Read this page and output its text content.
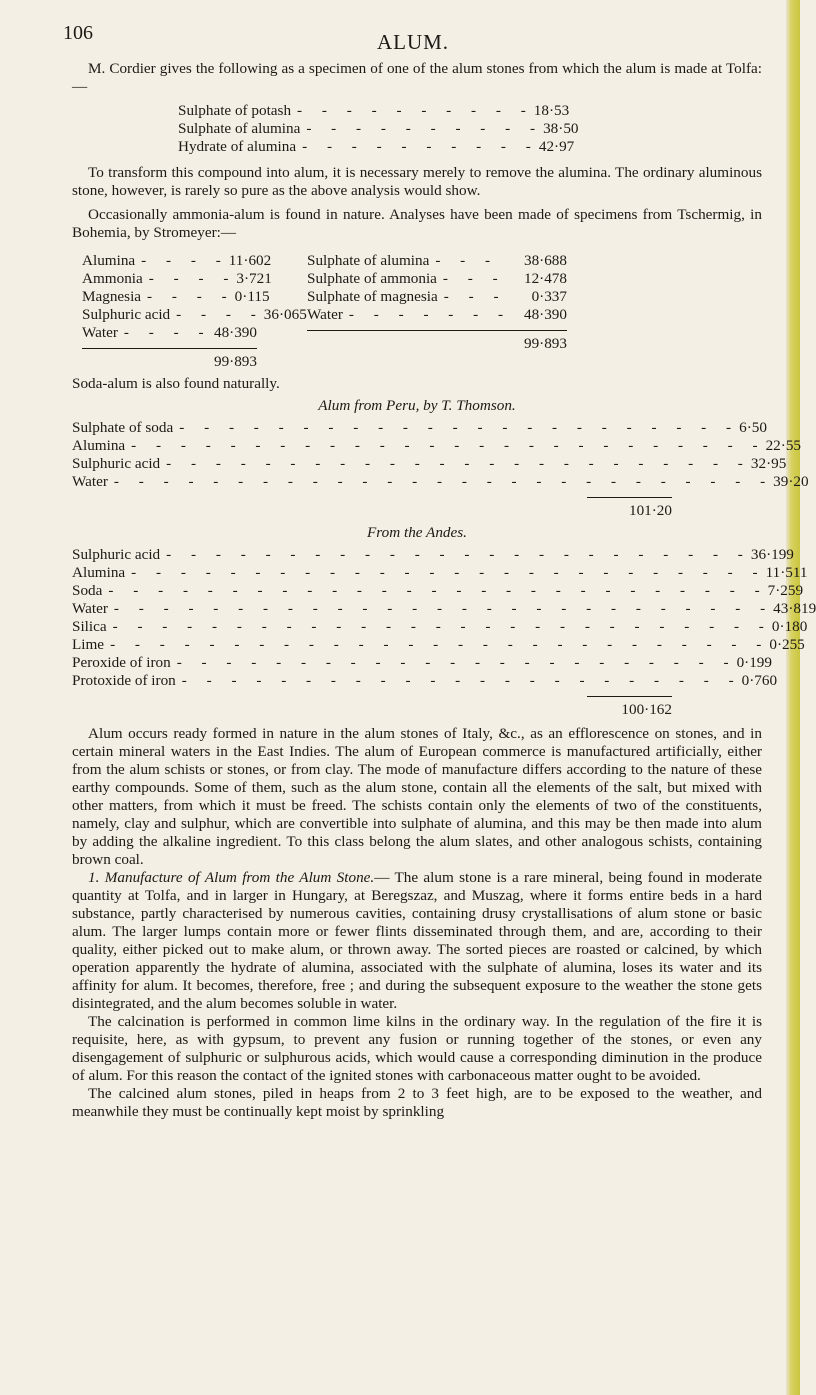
106	ALUM.

M. Cordier gives the following as a specimen of one of the alum stones from which the alum is made at Tolfa:—

Sulphate of potash - - - - - - - - - - 18·53
Sulphate of alumina - - - - - - - - - - 38·50
Hydrate of alumina - - - - - - - - - - 42·97

To transform this compound into alum, it is necessary merely to remove the alumina. The ordinary aluminous stone, however, is rarely so pure as the above analysis would show.

Occasionally ammonia-alum is found in nature. Analyses have been made of specimens from Tschermig, in Bohemia, by Stromeyer:—

Alumina - - - - 11·602
Ammonia - - - - 3·721
Magnesia - - - - 0·115
Sulphuric acid - - - - 36·065
Water - - - - 48·390
99·893
Sulphate of alumina - - -	38·688
Sulphate of ammonia - - -	12·478
Sulphate of magnesia - - -	0·337
Water - - - - - - - 48·390
99·893

Soda-alum is also found naturally.

Alum from Peru, by T. Thomson.
Sulphate of soda - - - - - - - - - - - - - - - - - - - - - - - 6·50
Alumina - - - - - - - - - - - - - - - - - - - - - - - - - - 22·55
Sulphuric acid - - - - - - - - - - - - - - - - - - - - - - - - 32·95
Water - - - - - - - - - - - - - - - - - - - - - - - - - - - 39·20
101·20
From the Andes.
Sulphuric acid - - - - - - - - - - - - - - - - - - - - - - - - 36·199
Alumina - - - - - - - - - - - - - - - - - - - - - - - - - - 11·511
Soda - - - - - - - - - - - - - - - - - - - - - - - - - - - 7·259
Water - - - - - - - - - - - - - - - - - - - - - - - - - - - 43·819
Silica - - - - - - - - - - - - - - - - - - - - - - - - - - - 0·180
Lime - - - - - - - - - - - - - - - - - - - - - - - - - - - 0·255
Peroxide of iron - - - - - - - - - - - - - - - - - - - - - - - 0·199
Protoxide of iron - - - - - - - - - - - - - - - - - - - - - - - 0·760
100·162

Alum occurs ready formed in nature in the alum stones of Italy, &c., as an efflorescence on stones, and in certain mineral waters in the East Indies. The alum of European commerce is manufactured artificially, either from the alum schists or stones, or from clay. The mode of manufacture differs according to the nature of these earthy compounds. Some of them, such as the alum stone, contain all the elements of the salt, but mixed with other matters, from which it must be freed. The schists contain only the elements of two of the constituents, namely, clay and sulphur, which are convertible into sulphate of alumina, and this may be then made into alum by adding the alkaline ingredient. To this class belong the alum slates, and other analogous schists, containing brown coal.

1. Manufacture of Alum from the Alum Stone.— The alum stone is a rare mineral, being found in moderate quantity at Tolfa, and in larger in Hungary, at Beregszaz, and Muszag, where it forms entire beds in a hard substance, partly characterised by numerous cavities, containing drusy crystallisations of alum stone or basic alum. The larger lumps contain more or fewer flints disseminated through them, and are, according to their quality, either picked out to make alum, or thrown away. The sorted pieces are roasted or calcined, by which operation apparently the hydrate of alumina, associated with the sulphate of alumina, loses its water and its affinity for alum. It becomes, therefore, free ; and during the subsequent exposure to the weather the stone gets disintegrated, and the alum becomes soluble in water.

The calcination is performed in common lime kilns in the ordinary way. In the regulation of the fire it is requisite, here, as with gypsum, to prevent any fusion or running together of the stones, or even any disengagement of sulphuric or sulphurous acids, which would cause a corresponding diminution in the produce of alum. For this reason the contact of the ignited stones with carbonaceous matter ought to be avoided.

The calcined alum stones, piled in heaps from 2 to 3 feet high, are to be exposed to the weather, and meanwhile they must be continually kept moist by sprinkling
